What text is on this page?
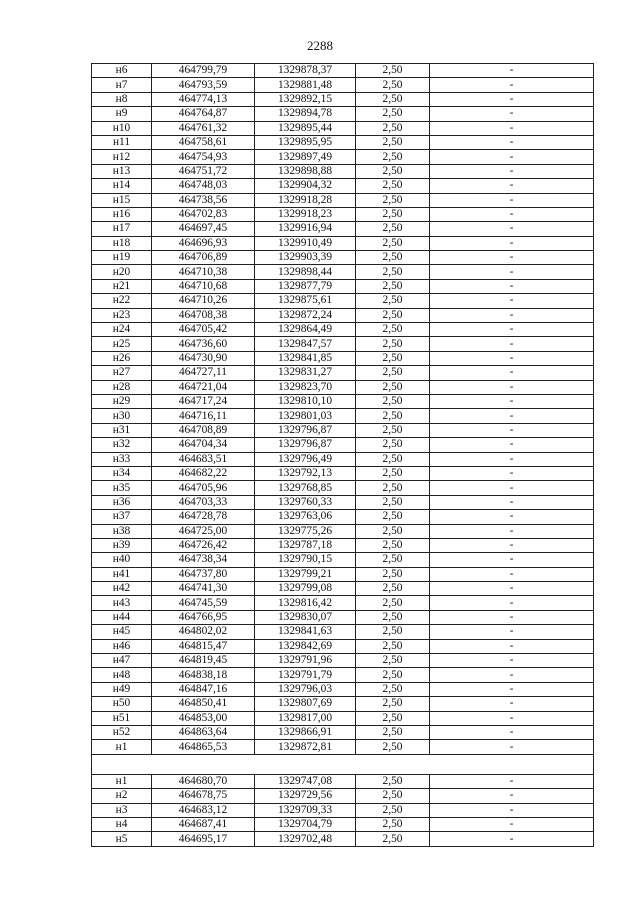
2288
н6	464799,79	1329878,37	2,50	-
н7	464793,59	1329881,48	2,50	-
н8	464774,13	1329892,15	2,50	-
н9	464764,87	1329894,78	2,50	-
н10	464761,32	1329895,44	2,50	-
н11	464758,61	1329895,95	2,50	-
н12	464754,93	1329897,49	2,50	-
н13	464751,72	1329898,88	2,50	-
н14	464748,03	1329904,32	2,50	-
н15	464738,56	1329918,28	2,50	-
н16	464702,83	1329918,23	2,50	-
н17	464697,45	1329916,94	2,50	-
н18	464696,93	1329910,49	2,50	-
н19	464706,89	1329903,39	2,50	-
н20	464710,38	1329898,44	2,50	-
н21	464710,68	1329877,79	2,50	-
н22	464710,26	1329875,61	2,50	-
н23	464708,38	1329872,24	2,50	-
н24	464705,42	1329864,49	2,50	-
н25	464736,60	1329847,57	2,50	-
н26	464730,90	1329841,85	2,50	-
н27	464727,11	1329831,27	2,50	-
н28	464721,04	1329823,70	2,50	-
н29	464717,24	1329810,10	2,50	-
н30	464716,11	1329801,03	2,50	-
н31	464708,89	1329796,87	2,50	-
н32	464704,34	1329796,87	2,50	-
н33	464683,51	1329796,49	2,50	-
н34	464682,22	1329792,13	2,50	-
н35	464705,96	1329768,85	2,50	-
н36	464703,33	1329760,33	2,50	-
н37	464728,78	1329763,06	2,50	-
н38	464725,00	1329775,26	2,50	-
н39	464726,42	1329787,18	2,50	-
н40	464738,34	1329790,15	2,50	-
н41	464737,80	1329799,21	2,50	-
н42	464741,30	1329799,08	2,50	-
н43	464745,59	1329816,42	2,50	-
н44	464766,95	1329830,07	2,50	-
н45	464802,02	1329841,63	2,50	-
н46	464815,47	1329842,69	2,50	-
н47	464819,45	1329791,96	2,50	-
н48	464838,18	1329791,79	2,50	-
н49	464847,16	1329796,03	2,50	-
н50	464850,41	1329807,69	2,50	-
н51	464853,00	1329817,00	2,50	-
н52	464863,64	1329866,91	2,50	-
н1	464865,53	1329872,81	2,50	-

н1	464680,70	1329747,08	2,50	-
н2	464678,75	1329729,56	2,50	-
н3	464683,12	1329709,33	2,50	-
н4	464687,41	1329704,79	2,50	-
н5	464695,17	1329702,48	2,50	-
